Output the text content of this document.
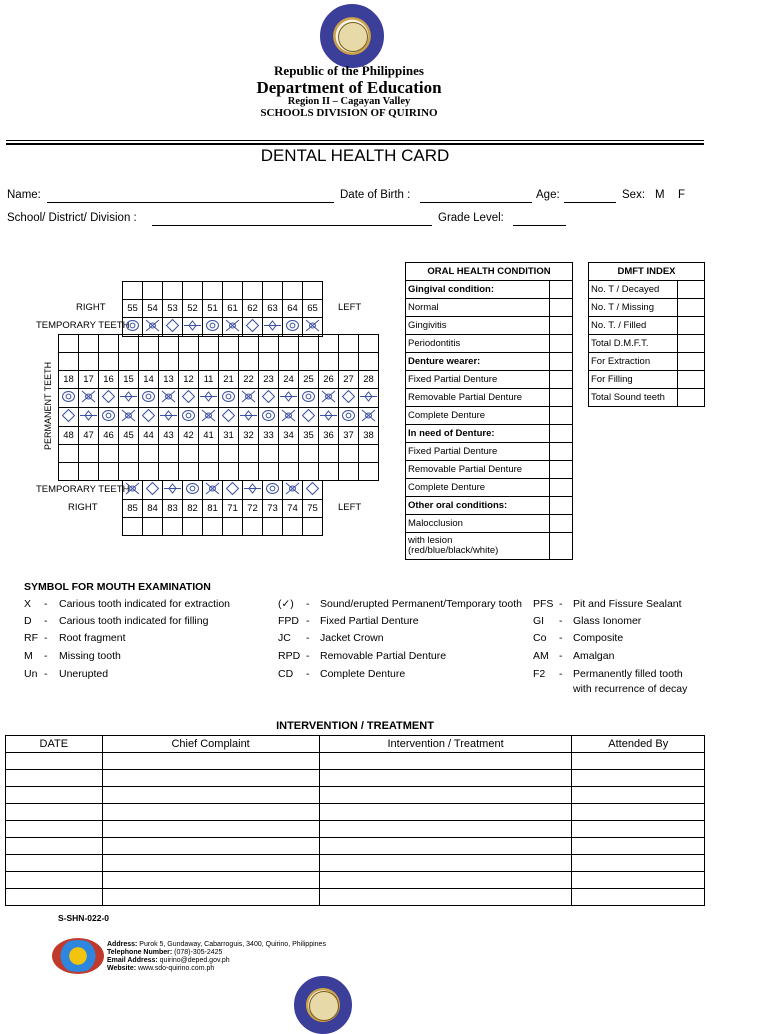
Republic of the Philippines
Department of Education
Region II – Cagayan Valley
SCHOOLS DIVISION OF QUIRINO
DENTAL HEALTH CARD
Name:	Date of Birth :	Age:	Sex: M F
School/ District/ Division :	Grade Level:
RIGHT	LEFT
TEMPORARY TEETH
RIGHT	LEFT
TEMPORARY TEETH
PERMANENT TEETH

55	54	53	52	51	61	62	63	64	65

18	17	16	15	14	13	12	11	21	22	23	24	25	26	27	28

48	47	46	45	44	43	42	41	31	32	33	34	35	36	37	38

85	84	83	82	81	71	72	73	74	75

ORAL HEALTH CONDITION	
Gingival condition:	
Normal	
Gingivitis	
Periodontitis	
Denture wearer:	
Fixed Partial Denture	
Removable Partial Denture	
Complete Denture	
In need of Denture:	
Fixed Partial Denture	
Removable Partial Denture	
Complete Denture	
Other oral conditions:	
Malocclusion	
with lesion
(red/blue/black/white)	
DMFT INDEX	
No. T / Decayed	
No. T / Missing	
No. T. / Filled	
Total D.M.F.T.	
For Extraction	
For Filling	
Total Sound teeth	
SYMBOL FOR MOUTH EXAMINATION
X - Carious tooth indicated for extraction
D - Carious tooth indicated for filling
RF - Root fragment
M - Missing tooth
Un - Unerupted
(✓) - Sound/erupted Permanent/Temporary tooth
FPD - Fixed Partial Denture
JC - Jacket Crown
RPD - Removable Partial Denture
CD - Complete Denture
PFS - Pit and Fissure Sealant
GI - Glass Ionomer
Co - Composite
AM - Amalgan
F2 - Permanently filled tooth
with recurrence of decay
INTERVENTION / TREATMENT
DATE	Chief Complaint	Intervention / Treatment	Attended By

S-SHN-022-0
Address: Purok 5, Gundaway, Cabarroguis, 3400, Quirino, Philippines
Telephone Number: (078)-305-2425
Email Address: quirino@deped.gov.ph
Website: www.sdo-quirino.com.ph
